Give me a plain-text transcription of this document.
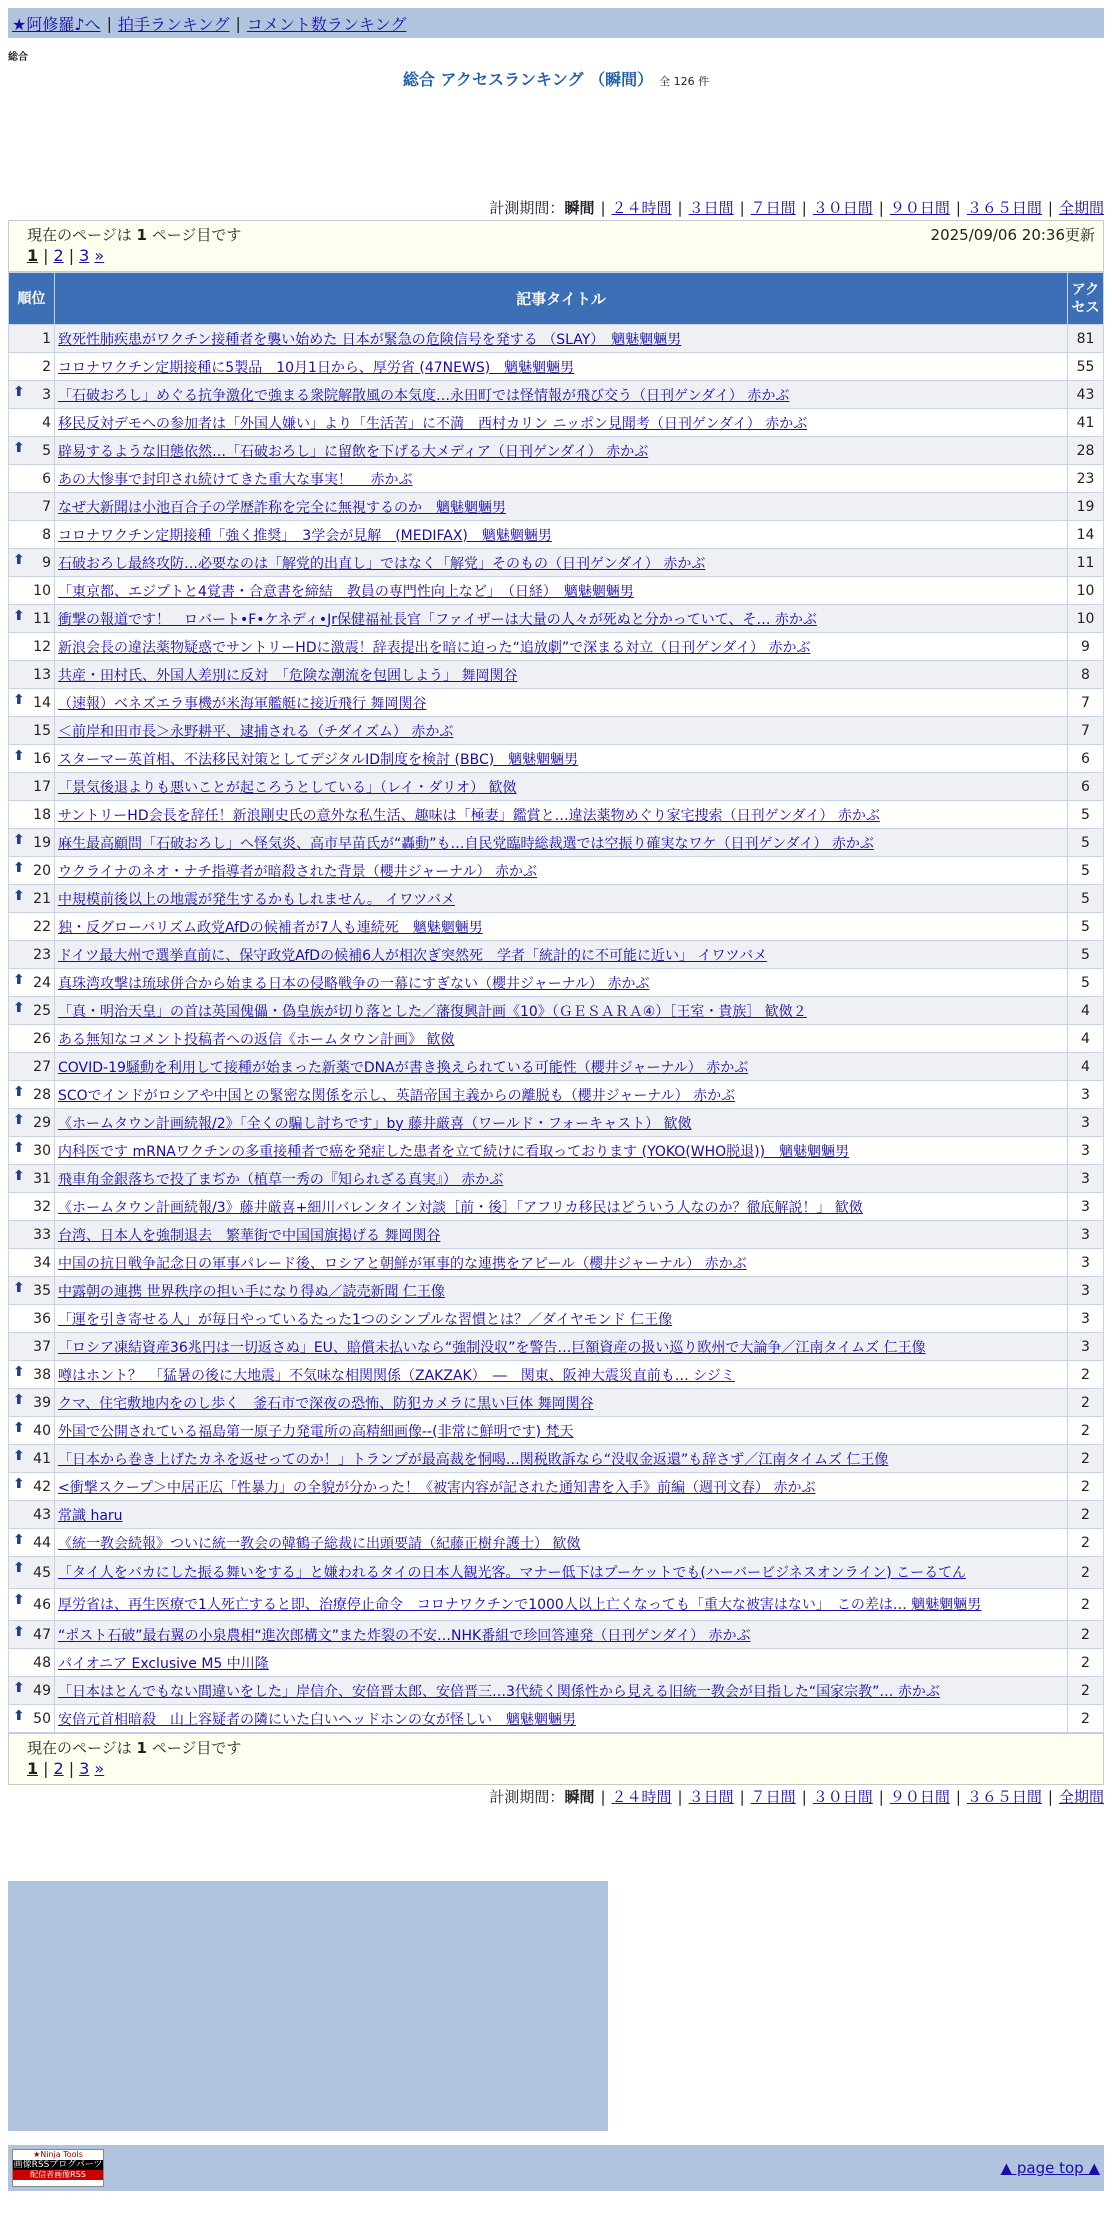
★阿修羅♪へ | 拍手ランキング | コメント数ランキング
総合
総合 アクセスランキング （瞬間） 全 126 件
計測期間：瞬間 | ２４時間 | ３日間 | ７日間 | ３０日間 | ９０日間 | ３６５日間 | 全期間
現在のページは 1 ページ目です	2025/09/06 20:36更新
1 | 2 | 3 »
順位	記事タイトル	アクセス
1	致死性肺疾患がワクチン接種者を襲い始めた 日本が緊急の危険信号を発する （SLAY）　魑魅魍魎男	81
2	コロナワクチン定期接種に5製品　10月1日から、厚労省 (47NEWS)　魑魅魍魎男	55

⬆ 3	「石破おろし」めぐる抗争激化で強まる衆院解散風の本気度…永田町では怪情報が飛び交う（日刊ゲンダイ） 赤かぶ	43
4	移民反対デモへの参加者は「外国人嫌い」より「生活苦」に不満　西村カリン ニッポン見聞考（日刊ゲンダイ） 赤かぶ	41

⬆ 5	辟易するような旧態依然…「石破おろし」に留飲を下げる大メディア（日刊ゲンダイ） 赤かぶ	28
6	あの大惨事で封印され続けてきた重大な事実！　 赤かぶ	23
7	なぜ大新聞は小池百合子の学歴詐称を完全に無視するのか　魑魅魍魎男	19
8	コロナワクチン定期接種「強く推奨」　3学会が見解　(MEDIFAX)　魑魅魍魎男	14

⬆ 9	石破おろし最終攻防…必要なのは「解党的出直し」ではなく「解党」そのもの（日刊ゲンダイ） 赤かぶ	11
10	「東京都、エジプトと4覚書・合意書を締結　教員の専門性向上など」　（日経）　魑魅魍魎男	10

⬆ 11	衝撃の報道です！　ロバート•F•ケネディ•Jr保健福祉長官「ファイザーは大量の人々が死ぬと分かっていて、そ… 赤かぶ	10
12	新浪会長の違法薬物疑惑でサントリーHDに激震！辞表提出を暗に迫った“追放劇”で深まる対立（日刊ゲンダイ） 赤かぶ	9
13	共産・田村氏、外国人差別に反対　「危険な潮流を包囲しよう」 舞岡関谷	8

⬆ 14	（速報）ベネズエラ事機が米海軍艦艇に接近飛行 舞岡関谷	7
15	＜前岸和田市長＞永野耕平、逮捕される（チダイズム） 赤かぶ	7

⬆ 16	スターマー英首相、不法移民対策としてデジタルID制度を検討 (BBC)　魑魅魍魎男	6
17	「景気後退よりも悪いことが起ころうとしている」（レイ・ダリオ） 歓傚	6
18	サントリーHD会長を辞任！新浪剛史氏の意外な私生活、趣味は「極妻」鑑賞と…違法薬物めぐり家宅捜索（日刊ゲンダイ） 赤かぶ	5

⬆ 19	麻生最高顧問「石破おろし」へ怪気炎、高市早苗氏が“轟動”も…自民党臨時総裁選では空振り確実なワケ（日刊ゲンダイ） 赤かぶ	5

⬆ 20	ウクライナのネオ・ナチ指導者が暗殺された背景（櫻井ジャーナル） 赤かぶ	5

⬆ 21	中規模前後以上の地震が発生するかもしれません。 イワツバメ	5
22	独・反グローバリズム政党AfDの候補者が7人も連続死　魑魅魍魎男	5
23	ドイツ最大州で選挙直前に、保守政党AfDの候補6人が相次ぎ突然死　学者「統計的に不可能に近い」 イワツバメ	5

⬆ 24	真珠湾攻撃は琉球併合から始まる日本の侵略戦争の一幕にすぎない（櫻井ジャーナル） 赤かぶ	5

⬆ 25	「真・明治天皇」の首は英国傀儡・偽皇族が切り落とした／藩復興計画《10》（ＧＥＳＡＲＡ④）［王室・貴族］ 歓傚２	4
26	ある無知なコメント投稿者への返信《ホームタウン計画》 歓傚	4
27	COVID-19騒動を利用して接種が始まった新薬でDNAが書き換えられている可能性（櫻井ジャーナル） 赤かぶ	4

⬆ 28	SCOでインドがロシアや中国との緊密な関係を示し、英語帝国主義からの離脱も（櫻井ジャーナル） 赤かぶ	3

⬆ 29	《ホームタウン計画続報/2》「全くの騙し討ちです」by 藤井厳喜（ワールド・フォーキャスト） 歓傚	3

⬆ 30	内科医です mRNAワクチンの多重接種者で癌を発症した患者を立て続けに看取っております (YOKO(WHO脱退))　魑魅魍魎男	3

⬆ 31	飛車角金銀落ちで投了まぢか（植草一秀の『知られざる真実』） 赤かぶ	3
32	《ホームタウン計画続報/3》藤井厳喜+細川バレンタイン対談［前・後］「アフリカ移民はどういう人なのか？徹底解説！」 歓傚	3
33	台湾、日本人を強制退去　繁華街で中国国旗掲げる 舞岡関谷	3
34	中国の抗日戦争記念日の軍事パレード後、ロシアと朝鮮が軍事的な連携をアピール（櫻井ジャーナル） 赤かぶ	3

⬆ 35	中露朝の連携 世界秩序の担い手になり得ぬ／読売新聞 仁王像	3
36	「運を引き寄せる人」が毎日やっているたった1つのシンプルな習慣とは？／ダイヤモンド 仁王像	3
37	「ロシア凍結資産36兆円は一切返さぬ」EU、賠償未払いなら“強制没収”を警告…巨額資産の扱い巡り欧州で大論争／江南タイムズ 仁王像	3

⬆ 38	噂はホント？　「猛暑の後に大地震」不気味な相関関係（ZAKZAK）　―　関東、阪神大震災直前も… シジミ	2

⬆ 39	クマ、住宅敷地内をのし歩く　釜石市で深夜の恐怖、防犯カメラに黒い巨体 舞岡関谷	2

⬆ 40	外国で公開されている福島第一原子力発電所の高精細画像--(非常に鮮明です) 梵天	2

⬆ 41	「日本から巻き上げたカネを返せってのか！」トランプが最高裁を恫喝…関税敗訴なら“没収金返還”も辞さず／江南タイムズ 仁王像	2

⬆ 42	<衝撃スクープ＞中居正広「性暴力」の全貌が分かった！《被害内容が記された通知書を入手》前編（週刊文春） 赤かぶ	2
43	常識 haru	2

⬆ 44	《統一教会続報》ついに統一教会の韓鶴子総裁に出頭要請（紀藤正樹弁護士） 歓傚	2

⬆ 45	「タイ人をバカにした振る舞いをする」と嫌われるタイの日本人観光客。マナー低下はプーケットでも(ハーバービジネスオンライン) こーるてん	2

⬆ 46	厚労省は、再生医療で1人死亡すると即、治療停止命令　コロナワクチンで1000人以上亡くなっても「重大な被害はない」　この差は… 魑魅魍魎男	2

⬆ 47	“ポスト石破”最右翼の小泉農相“進次郎構文”また炸裂の不安…NHK番組で珍回答連発（日刊ゲンダイ） 赤かぶ	2
48	パイオニア Exclusive M5 中川隆	2

⬆ 49	「日本はとんでもない間違いをした」岸信介、安倍晋太郎、安倍晋三…3代続く関係性から見える旧統一教会が目指した“国家宗教”… 赤かぶ	2

⬆ 50	安倍元首相暗殺　山上容疑者の隣にいた白いヘッドホンの女が怪しい　魑魅魍魎男	2
現在のページは 1 ページ目です
1 | 2 | 3 »
計測期間：瞬間 | ２４時間 | ３日間 | ７日間 | ３０日間 | ９０日間 | ３６５日間 | 全期間
★Ninja Tools
画像RSSブログパーツ
配信者画像RSS	▲ page top ▲
